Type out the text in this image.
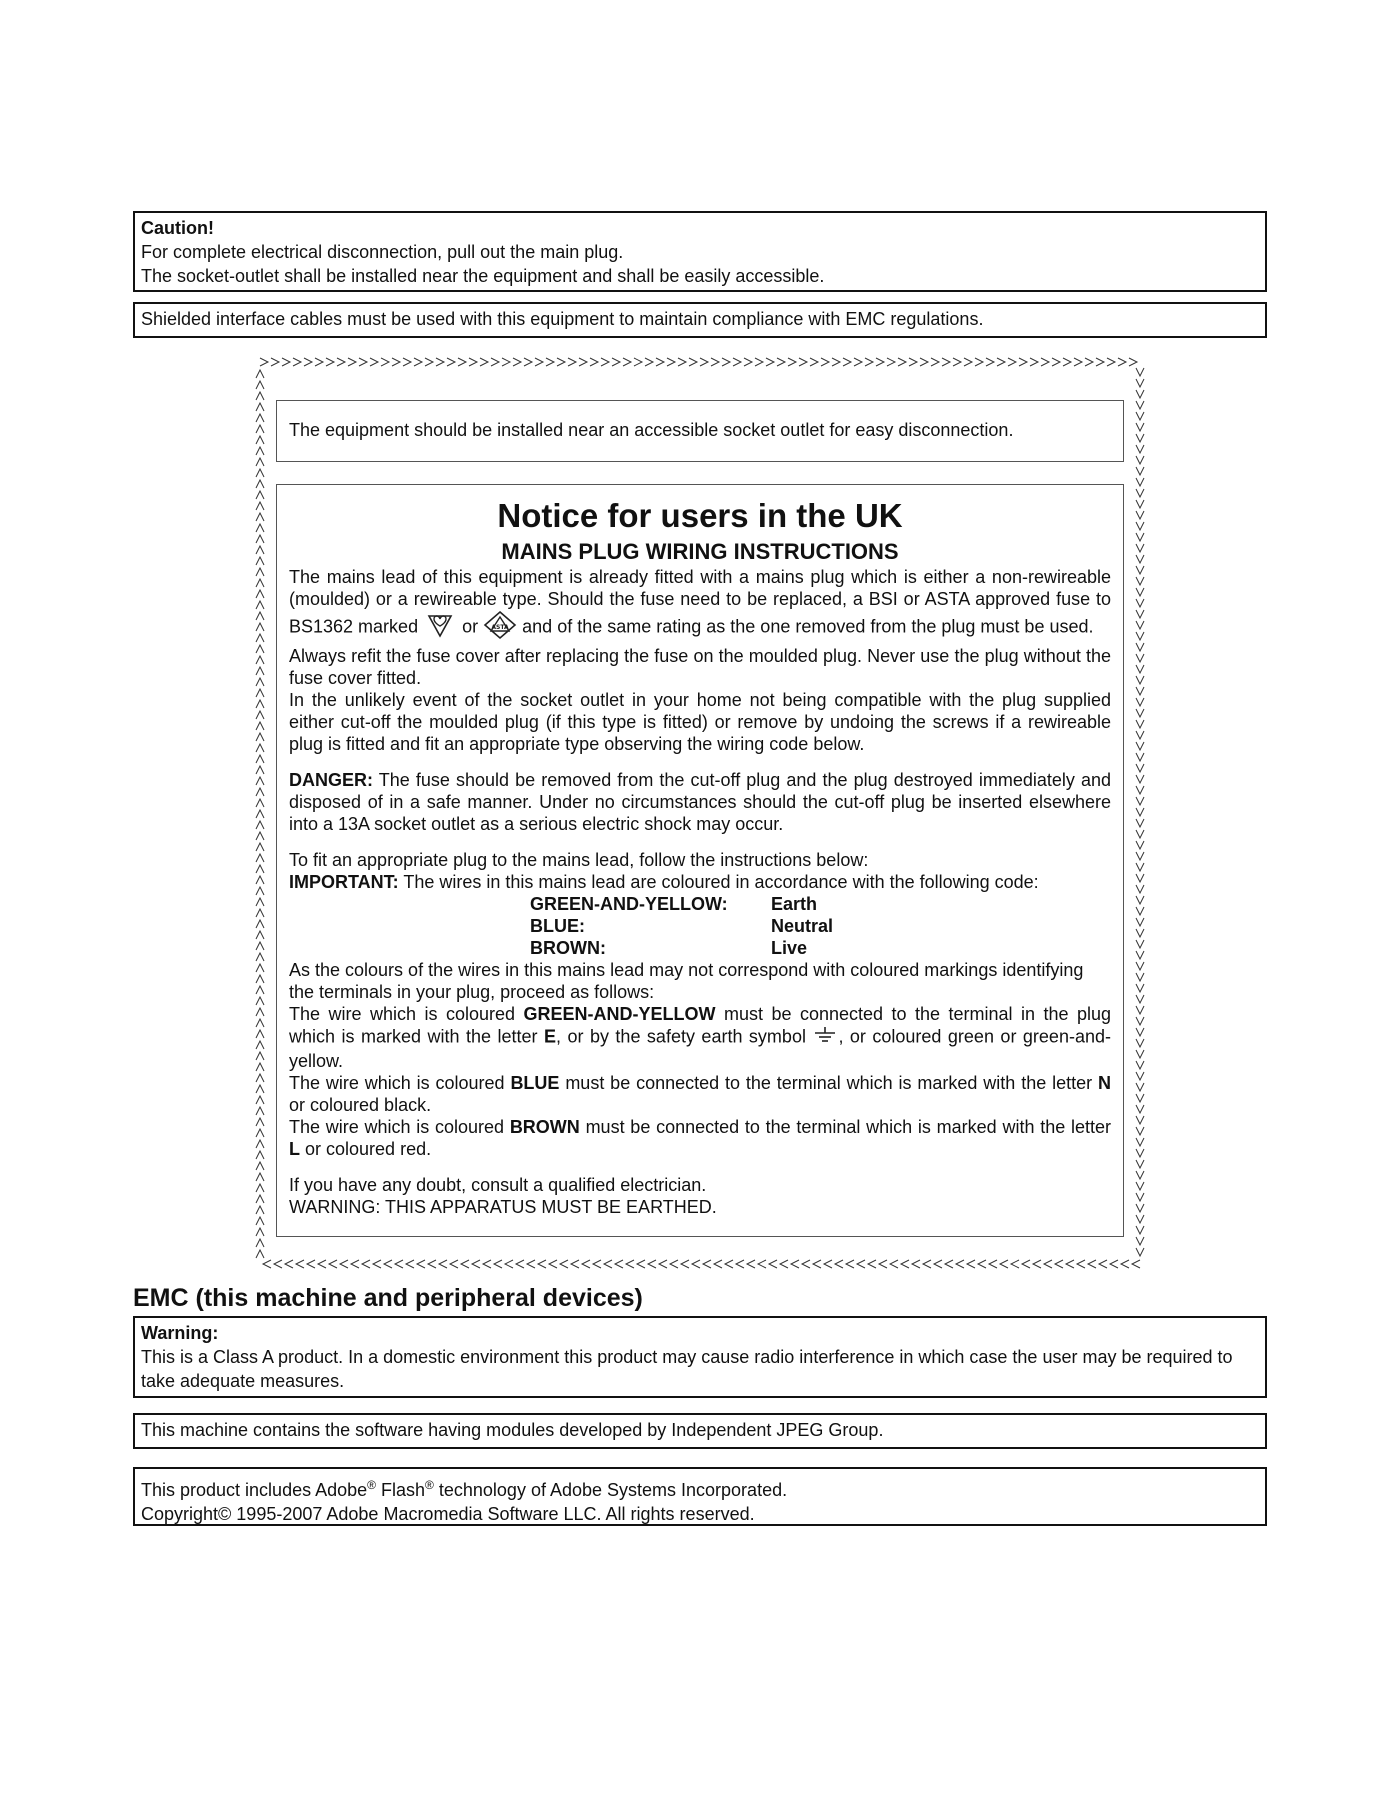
Caution!
For complete electrical disconnection, pull out the main plug.
The socket-outlet shall be installed near the equipment and shall be easily accessible.
Shielded interface cables must be used with this equipment to maintain compliance with EMC regulations.
The equipment should be installed near an accessible socket outlet for easy disconnection.
Notice for users in the UK
MAINS PLUG WIRING INSTRUCTIONS

The mains lead of this equipment is already fitted with a mains plug which is either a non-rewireable (moulded) or a rewireable type. Should the fuse need to be replaced, a BSI or ASTA approved fuse to BS1362 marked or ASTA and of the same rating as the one removed from the plug must be used.

Always refit the fuse cover after replacing the fuse on the moulded plug. Never use the plug without the fuse cover fitted.

In the unlikely event of the socket outlet in your home not being compatible with the plug supplied either cut-off the moulded plug (if this type is fitted) or remove by undoing the screws if a rewireable plug is fitted and fit an appropriate type observing the wiring code below.

DANGER: The fuse should be removed from the cut-off plug and the plug destroyed immediately and disposed of in a safe manner. Under no circumstances should the cut-off plug be inserted elsewhere into a 13A socket outlet as a serious electric shock may occur.

To fit an appropriate plug to the mains lead, follow the instructions below:

IMPORTANT: The wires in this mains lead are coloured in accordance with the following code:

GREEN-AND-YELLOW:	Earth
BLUE:	Neutral
BROWN:	Live

As the colours of the wires in this mains lead may not correspond with coloured markings identifying the terminals in your plug, proceed as follows:

The wire which is coloured GREEN-AND-YELLOW must be connected to the terminal in the plug which is marked with the letter E, or by the safety earth symbol , or coloured green or green-and-yellow.

The wire which is coloured BLUE must be connected to the terminal which is marked with the letter N or coloured black.

The wire which is coloured BROWN must be connected to the terminal which is marked with the letter L or coloured red.

If you have any doubt, consult a qualified electrician.

WARNING: THIS APPARATUS MUST BE EARTHED.

EMC (this machine and peripheral devices)
Warning:
This is a Class A product. In a domestic environment this product may cause radio interference in which case the user may be required to take adequate measures.
This machine contains the software having modules developed by Independent JPEG Group.
This product includes Adobe® Flash® technology of Adobe Systems Incorporated.
Copyright© 1995-2007 Adobe Macromedia Software LLC. All rights reserved.
